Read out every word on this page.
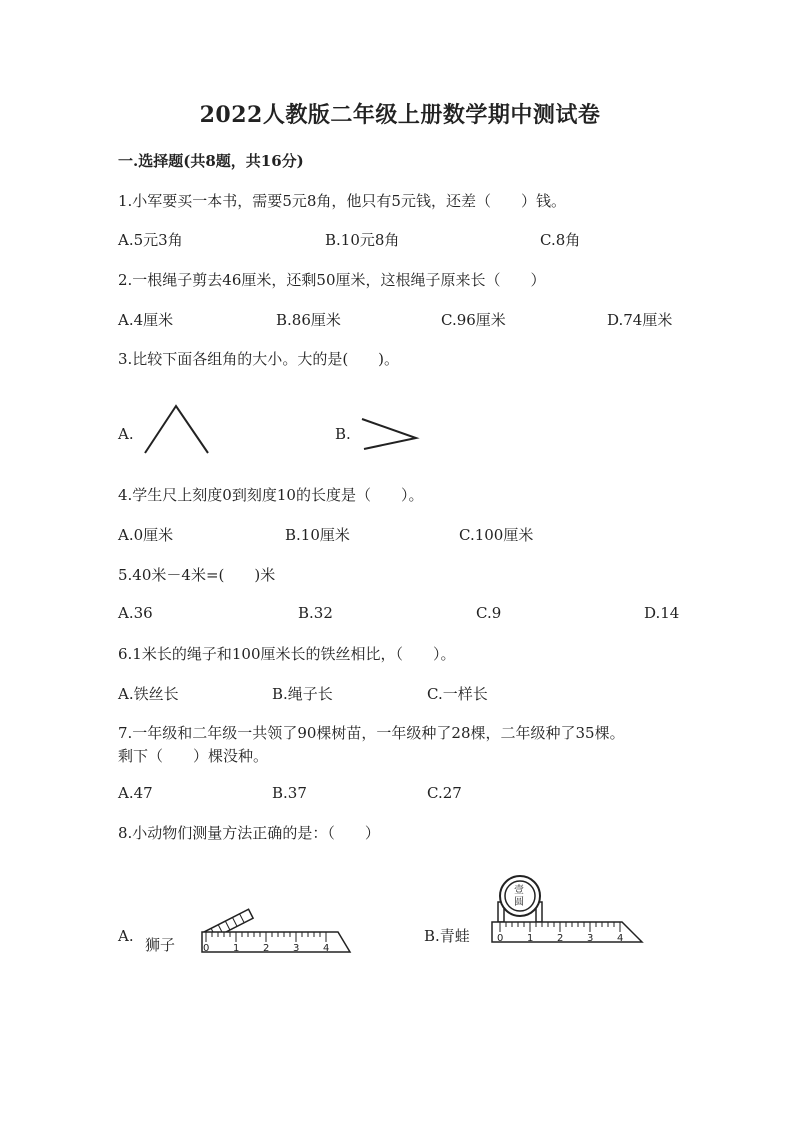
2022人教版二年级上册数学期中测试卷
一.选择题(共8题，共16分)
1.小军要买一本书，需要5元8角，他只有5元钱，还差（　　）钱。
A.5元3角	B.10元8角	C.8角
2.一根绳子剪去46厘米，还剩50厘米，这根绳子原来长（　　）
A.4厘米	B.86厘米	C.96厘米	D.74厘米
3.比较下面各组角的大小。大的是(　　)。
A.	B.
4.学生尺上刻度0到刻度10的长度是（　　）。
A.0厘米	B.10厘米	C.100厘米
5.40米－4米=(　　)米
A.36	B.32	C.9	D.14
6.1米长的绳子和100厘米长的铁丝相比，（　　）。
A.铁丝长	B.绳子长	C.一样长
7.一年级和二年级一共领了90棵树苗，一年级种了28棵，二年级种了35棵。
剩下（　　）棵没种。
A.47	B.37	C.27
8.小动物们测量方法正确的是：（　　）
A.
0 1 2 3 4
狮子	B.青蛙
壹
圆
0 1 2 3 4
